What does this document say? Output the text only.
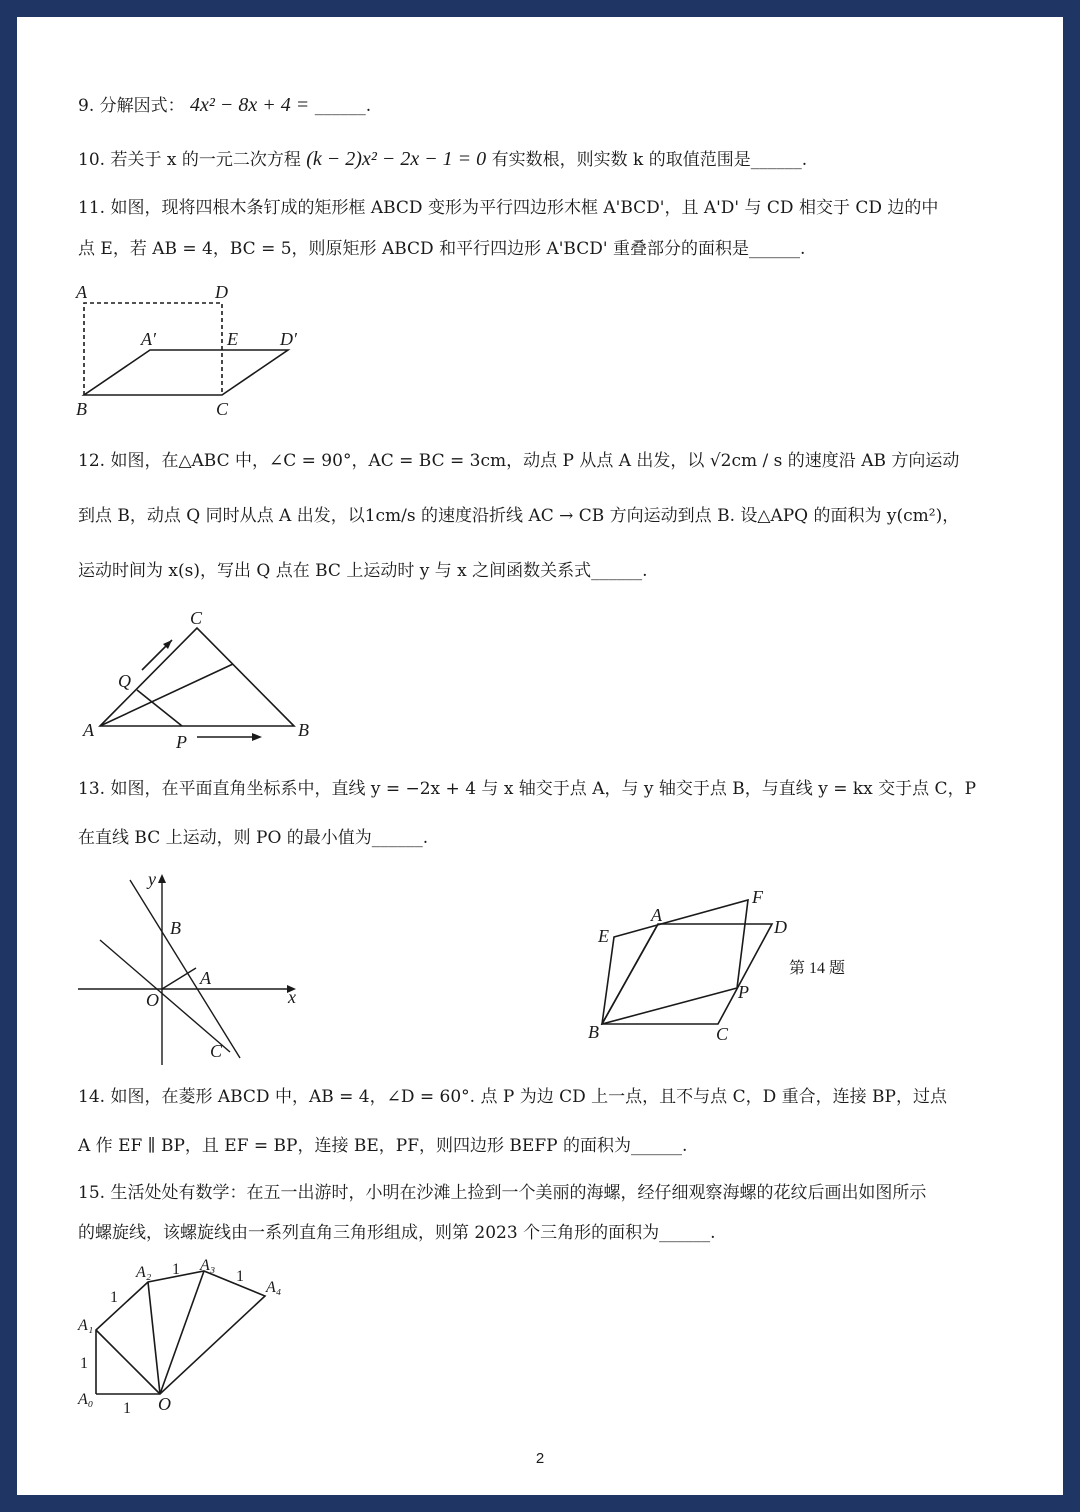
9. 分解因式： 4x² − 8x + 4 = ______.
10. 若关于 x 的一元二次方程 (k − 2)x² − 2x − 1 = 0 有实数根，则实数 k 的取值范围是______.
11. 如图，现将四根木条钉成的矩形框 ABCD 变形为平行四边形木框 A'BCD'，且 A'D' 与 CD 相交于 CD 边的中
点 E，若 AB = 4，BC = 5，则原矩形 ABCD 和平行四边形 A'BCD' 重叠部分的面积是______.
A	D
A′	E D′
B	C
12. 如图，在△ABC 中，∠C = 90°，AC = BC = 3cm，动点 P 从点 A 出发，以 √2cm / s 的速度沿 AB 方向运动
到点 B，动点 Q 同时从点 A 出发，以1cm/s 的速度沿折线 AC → CB 方向运动到点 B. 设△APQ 的面积为 y(cm²)，
运动时间为 x(s)，写出 Q 点在 BC 上运动时 y 与 x 之间函数关系式______.
C
Q
A
P
B
13. 如图，在平面直角坐标系中，直线 y = −2x + 4 与 x 轴交于点 A，与 y 轴交于点 B，与直线 y = kx 交于点 C，P
在直线 BC 上运动，则 PO 的最小值为______.
y
B
A
O	x
C
F
A
D
E
P
B	C
第 14 题
14. 如图，在菱形 ABCD 中，AB = 4，∠D = 60°. 点 P 为边 CD 上一点，且不与点 C，D 重合，连接 BP，过点
A 作 EF ∥ BP，且 EF = BP，连接 BE，PF，则四边形 BEFP 的面积为______.
15. 生活处处有数学：在五一出游时，小明在沙滩上捡到一个美丽的海螺，经仔细观察海螺的花纹后画出如图所示
的螺旋线，该螺旋线由一系列直角三角形组成，则第 2023 个三角形的面积为______.
A₀
A₁
A₂	A₃
A₄
O
1
1
1
1	1
2
